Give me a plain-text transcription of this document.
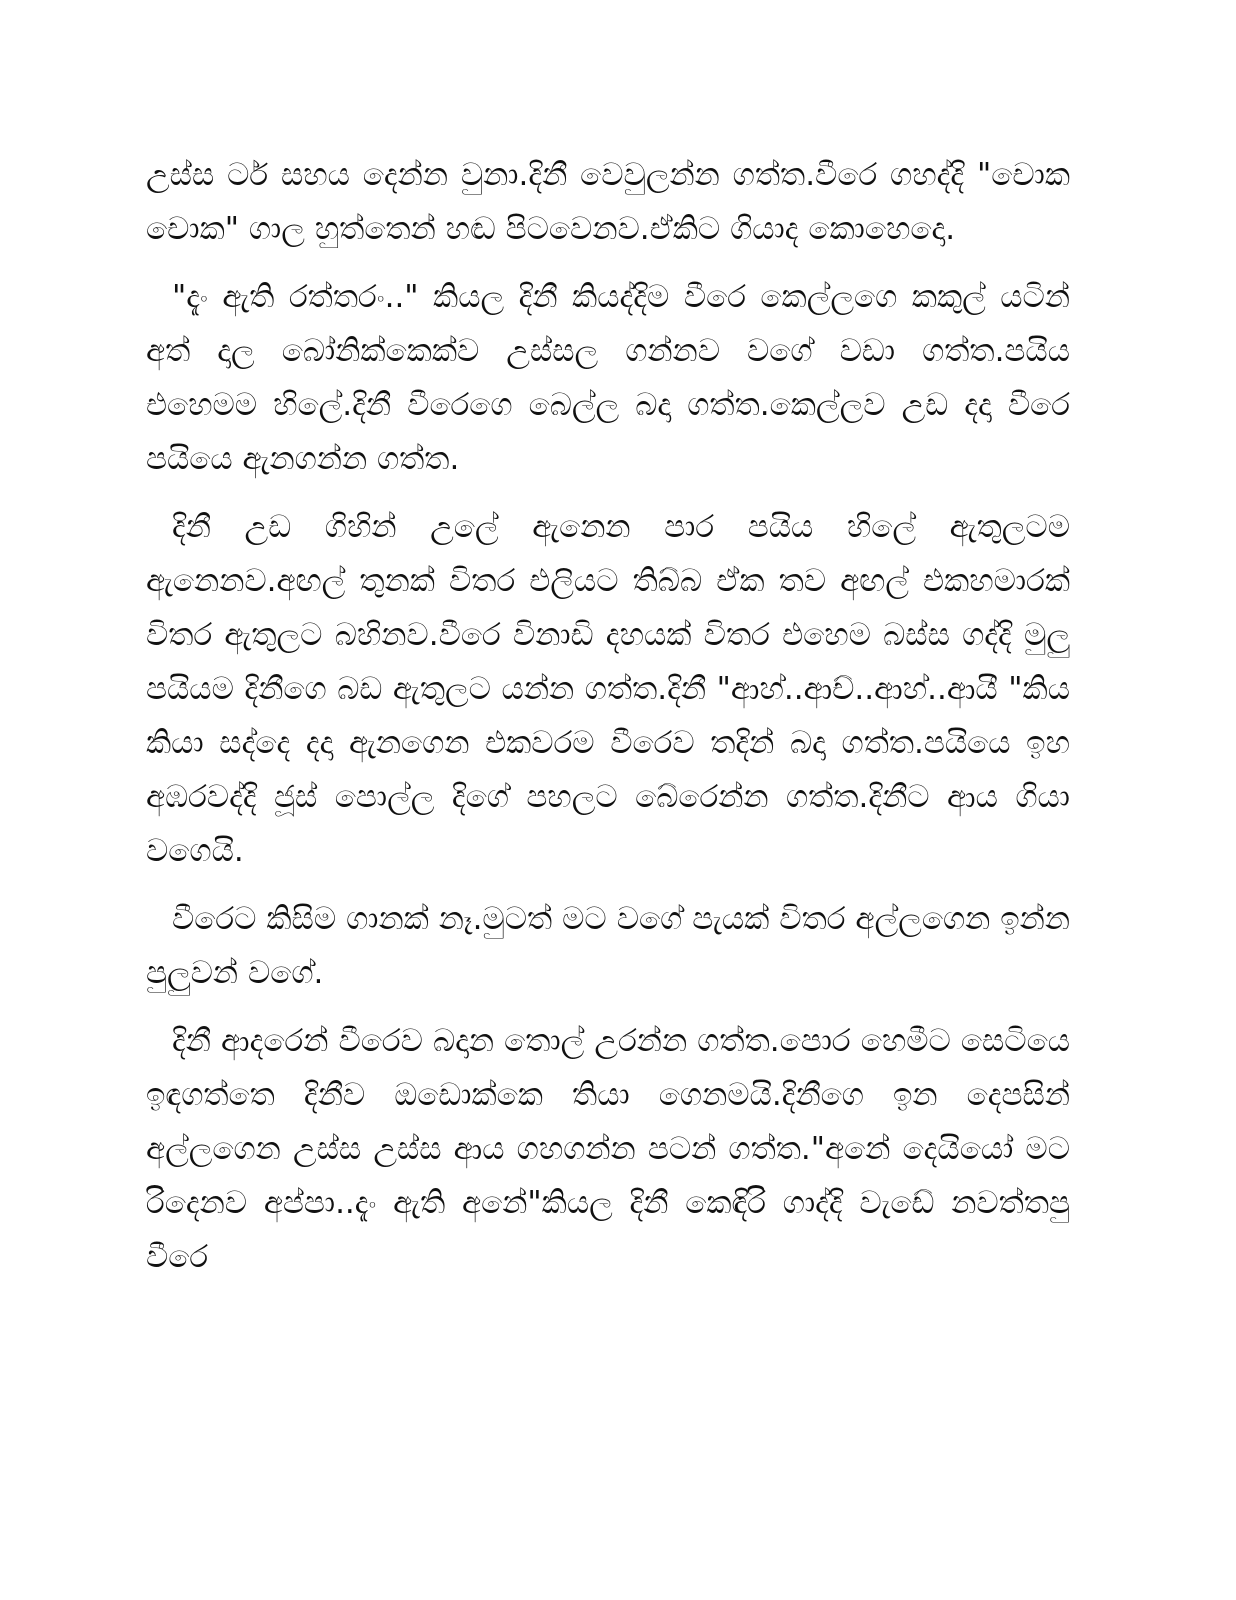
උස්ස ර්ට සහය දෙන්න වුනා.දිනී වෙවුලන්න ගත්ත.වීරෙ ගහද්දි "චොක චොක" ගාල හුත්තෙන් හඬ පිටවෙනව.ඒකිට ගියාද කොහෙදො.

"දැං ඇති රත්තරං.." කියල දිනී කියද්දිම වීරෙ කෙල්ලගෙ කකුල් යටින් අත් දාල බෝනික්කෙක්ව උස්සල ගන්නව වගේ වඩා ගත්ත.පයිය එහෙමම හිලේ.දිනී වීරෙගෙ බෙල්ල බදා ගත්ත.කෙල්ලව උඩ දදා වීරෙ පයියෙ ඇනගන්න ගත්ත.

දිනී උඩ ගිහින් උලේ ඇනෙන පාර පයිය හිලේ ඇතුලටම ඇනෙනව.අඟල් තුනක් විතර එලියට තිබ්බ ඒක තව අඟල් එකහමාරක් විතර ඇතුලට බහිනව.වීරෙ විනාඩි දහයක් විතර එහෙම බස්ස ගද්දි මුලු පයියම දිනීගෙ බඩ ඇතුලට යන්න ගත්ත.දිනී "ආහ්..ආච්..ආහ්..ආයී "කිය කියා සද්දෙ දදා ඇනගෙන එකවරම වීරෙව තදින් බදා ගත්ත.පයියෙ ඉහ අඹරවද්දි ජූස් පොල්ල දිගේ පහලට බේරෙන්න ගත්ත.දිනීට ආය ගියා වගෙයි.

වීරෙට කිසිම ගානක් නෑ.මුටත් මට වගේ පැයක් විතර අල්ලගෙන ඉන්න පුලුවන් වගේ.

දිනී ආදරෙන් වීරෙව බදාන තොල් උරන්න ගත්ත.පොර හෙමීට සෙටියෙ ඉඳගත්තෙ දිනීව ඔඩොක්කෙ තියා ගෙනමයි.දිනීගෙ ඉන දෙපසින් අල්ලගෙන උස්ස උස්ස ආය ගහගන්න පටන් ගත්ත."අනේ දෙයියෝ මට රිදෙනව අප්පා..දැං ඇති අනේ"කියල දිනී කෙඳිරි ගාද්දි වැඩේ නවත්තපු වීරෙ
